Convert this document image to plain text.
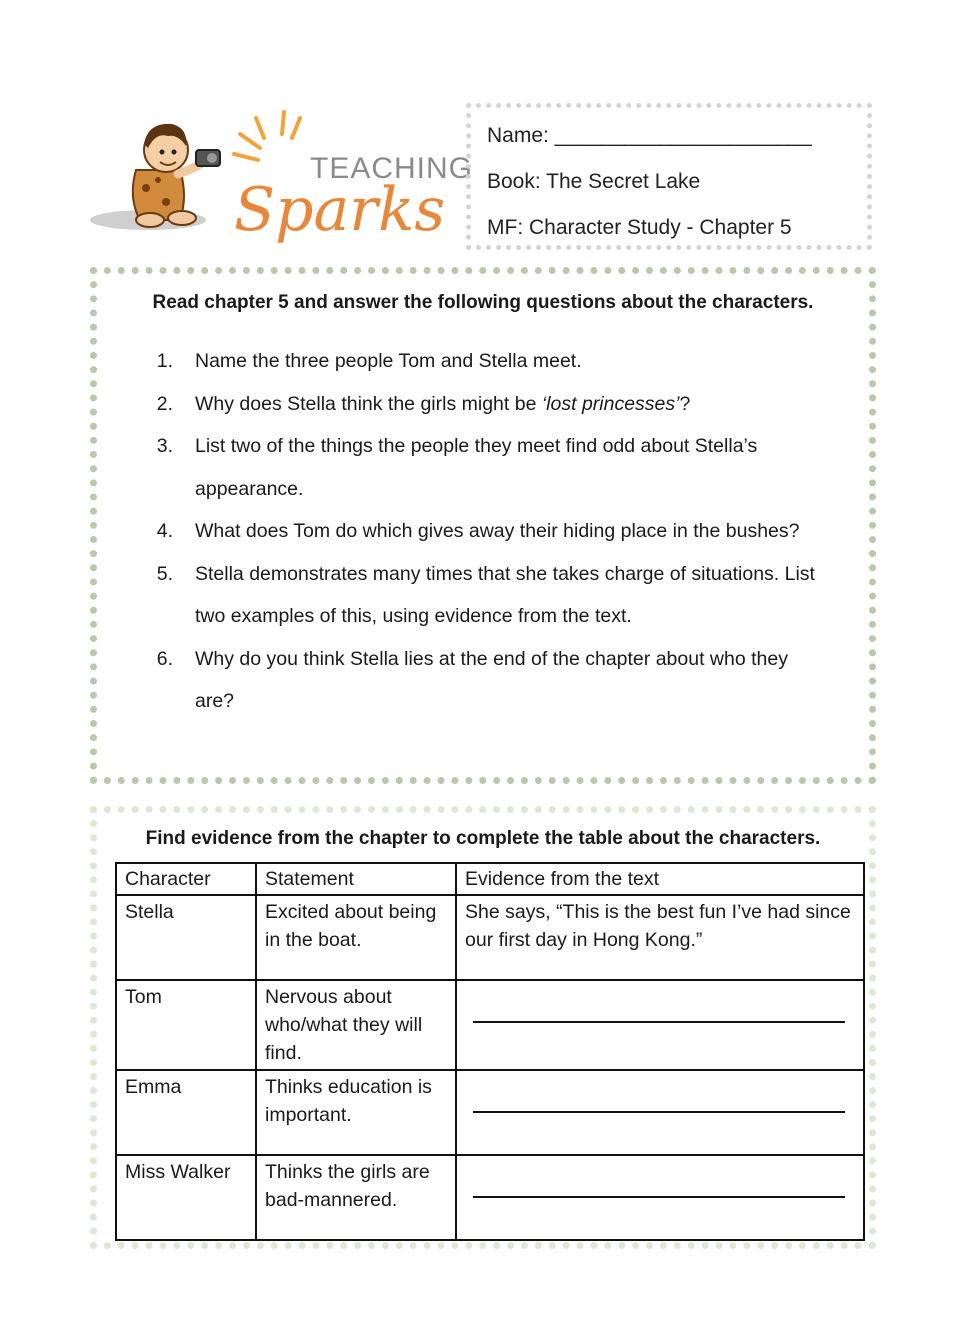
TEACHING
Sparks
Name: ______________________
Book: The Secret Lake
MF: Character Study - Chapter 5
Read chapter 5 and answer the following questions about the characters.
1.	Name the three people Tom and Stella meet.
2.	Why does Stella think the girls might be ‘lost princesses’?
3.	List two of the things the people they meet find odd about Stella’s
appearance.
4.	What does Tom do which gives away their hiding place in the bushes?
5.	Stella demonstrates many times that she takes charge of situations. List
two examples of this, using evidence from the text.
6.	Why do you think Stella lies at the end of the chapter about who they
are?
Find evidence from the chapter to complete the table about the characters.
Character	Statement	Evidence from the text
Stella	Excited about being in the boat.	She says, “This is the best fun I’ve had since our first day in Hong Kong.”
Tom	Nervous about who/what they will find.	

Emma	Thinks education is important.	

Miss Walker	Thinks the girls are bad-mannered.	
